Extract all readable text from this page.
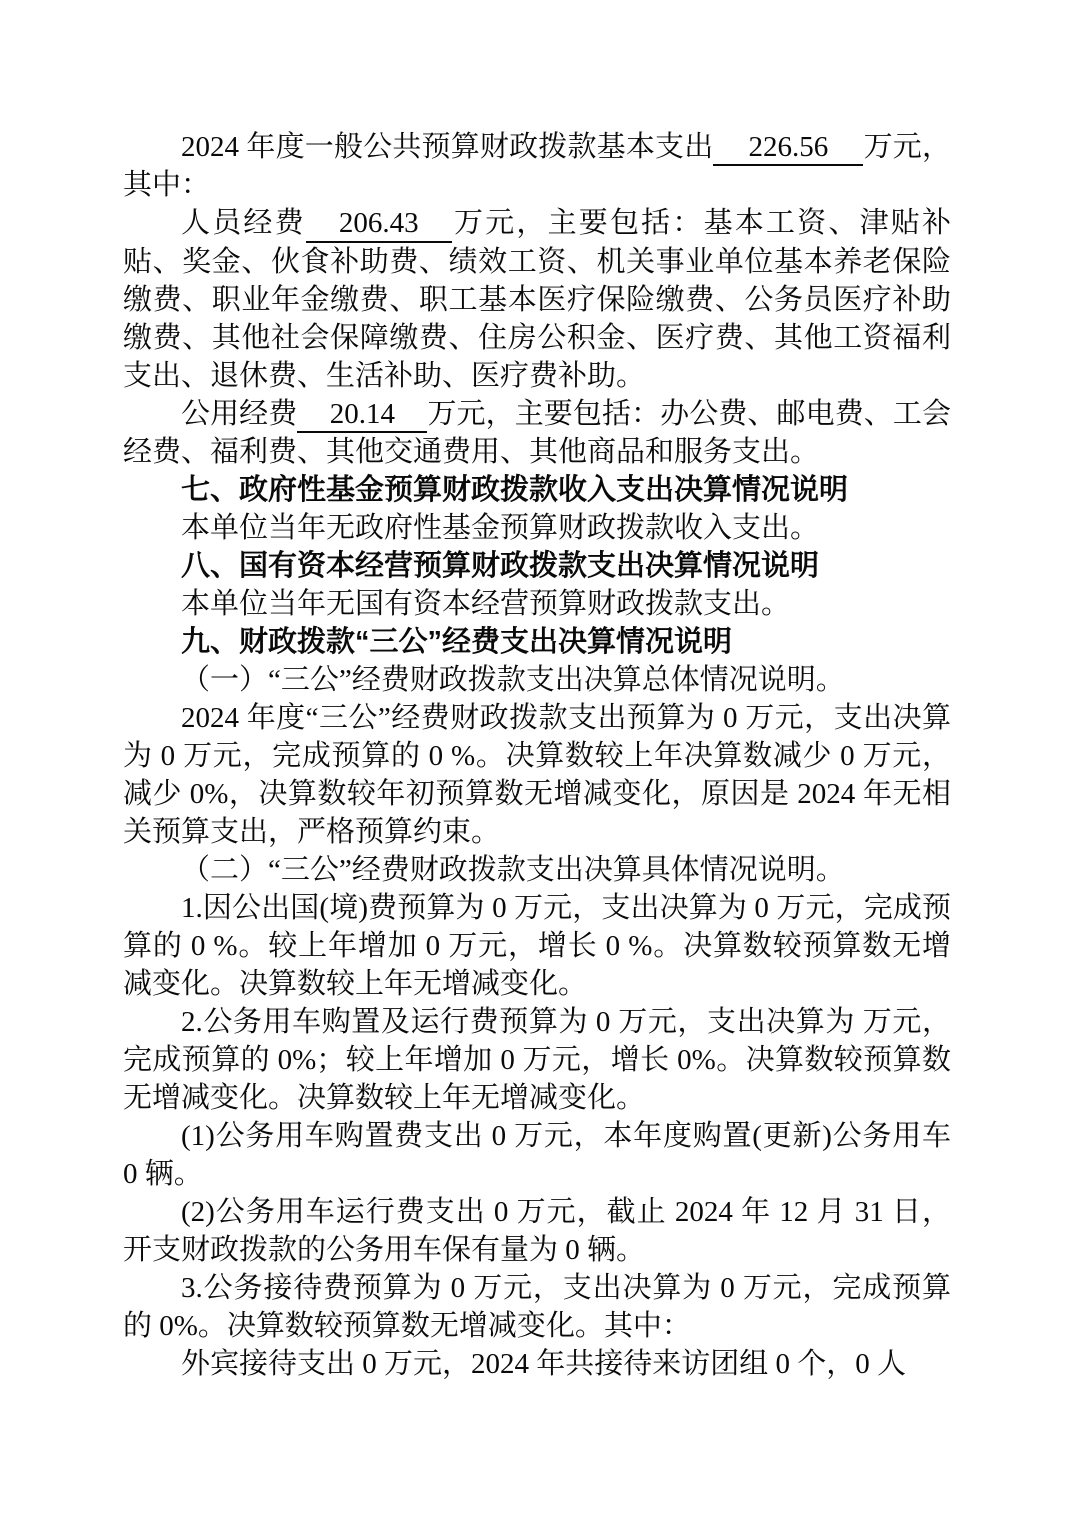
2024 年度一般公共预算财政拨款基本支出 226.56 万元，其中：

人员经费 206.43 万元，主要包括：基本工资、津贴补贴、奖金、伙食补助费、绩效工资、机关事业单位基本养老保险缴费、职业年金缴费、职工基本医疗保险缴费、公务员医疗补助缴费、其他社会保障缴费、住房公积金、医疗费、其他工资福利支出、退休费、生活补助、医疗费补助。

公用经费 20.14 万元，主要包括：办公费、邮电费、工会经费、福利费、其他交通费用、其他商品和服务支出。

七、政府性基金预算财政拨款收入支出决算情况说明

本单位当年无政府性基金预算财政拨款收入支出。

八、国有资本经营预算财政拨款支出决算情况说明

本单位当年无国有资本经营预算财政拨款支出。

九、财政拨款“三公”经费支出决算情况说明

（一）“三公”经费财政拨款支出决算总体情况说明。

2024 年度“三公”经费财政拨款支出预算为 0 万元，支出决算为 0 万元，完成预算的 0 %。决算数较上年决算数减少 0 万元，减少 0%，决算数较年初预算数无增减变化，原因是 2024 年无相关预算支出，严格预算约束。

（二）“三公”经费财政拨款支出决算具体情况说明。

1.因公出国(境)费预算为 0 万元，支出决算为 0 万元，完成预算的 0 %。较上年增加 0 万元，增长 0 %。决算数较预算数无增减变化。决算数较上年无增减变化。

2.公务用车购置及运行费预算为 0 万元，支出决算为 万元，完成预算的 0%；较上年增加 0 万元，增长 0%。决算数较预算数无增减变化。决算数较上年无增减变化。

(1)公务用车购置费支出 0 万元，本年度购置(更新)公务用车 0 辆。

(2)公务用车运行费支出 0 万元，截止 2024 年 12 月 31 日，开支财政拨款的公务用车保有量为 0 辆。

3.公务接待费预算为 0 万元，支出决算为 0 万元，完成预算的 0%。决算数较预算数无增减变化。其中：

外宾接待支出 0 万元，2024 年共接待来访团组 0 个，0 人
